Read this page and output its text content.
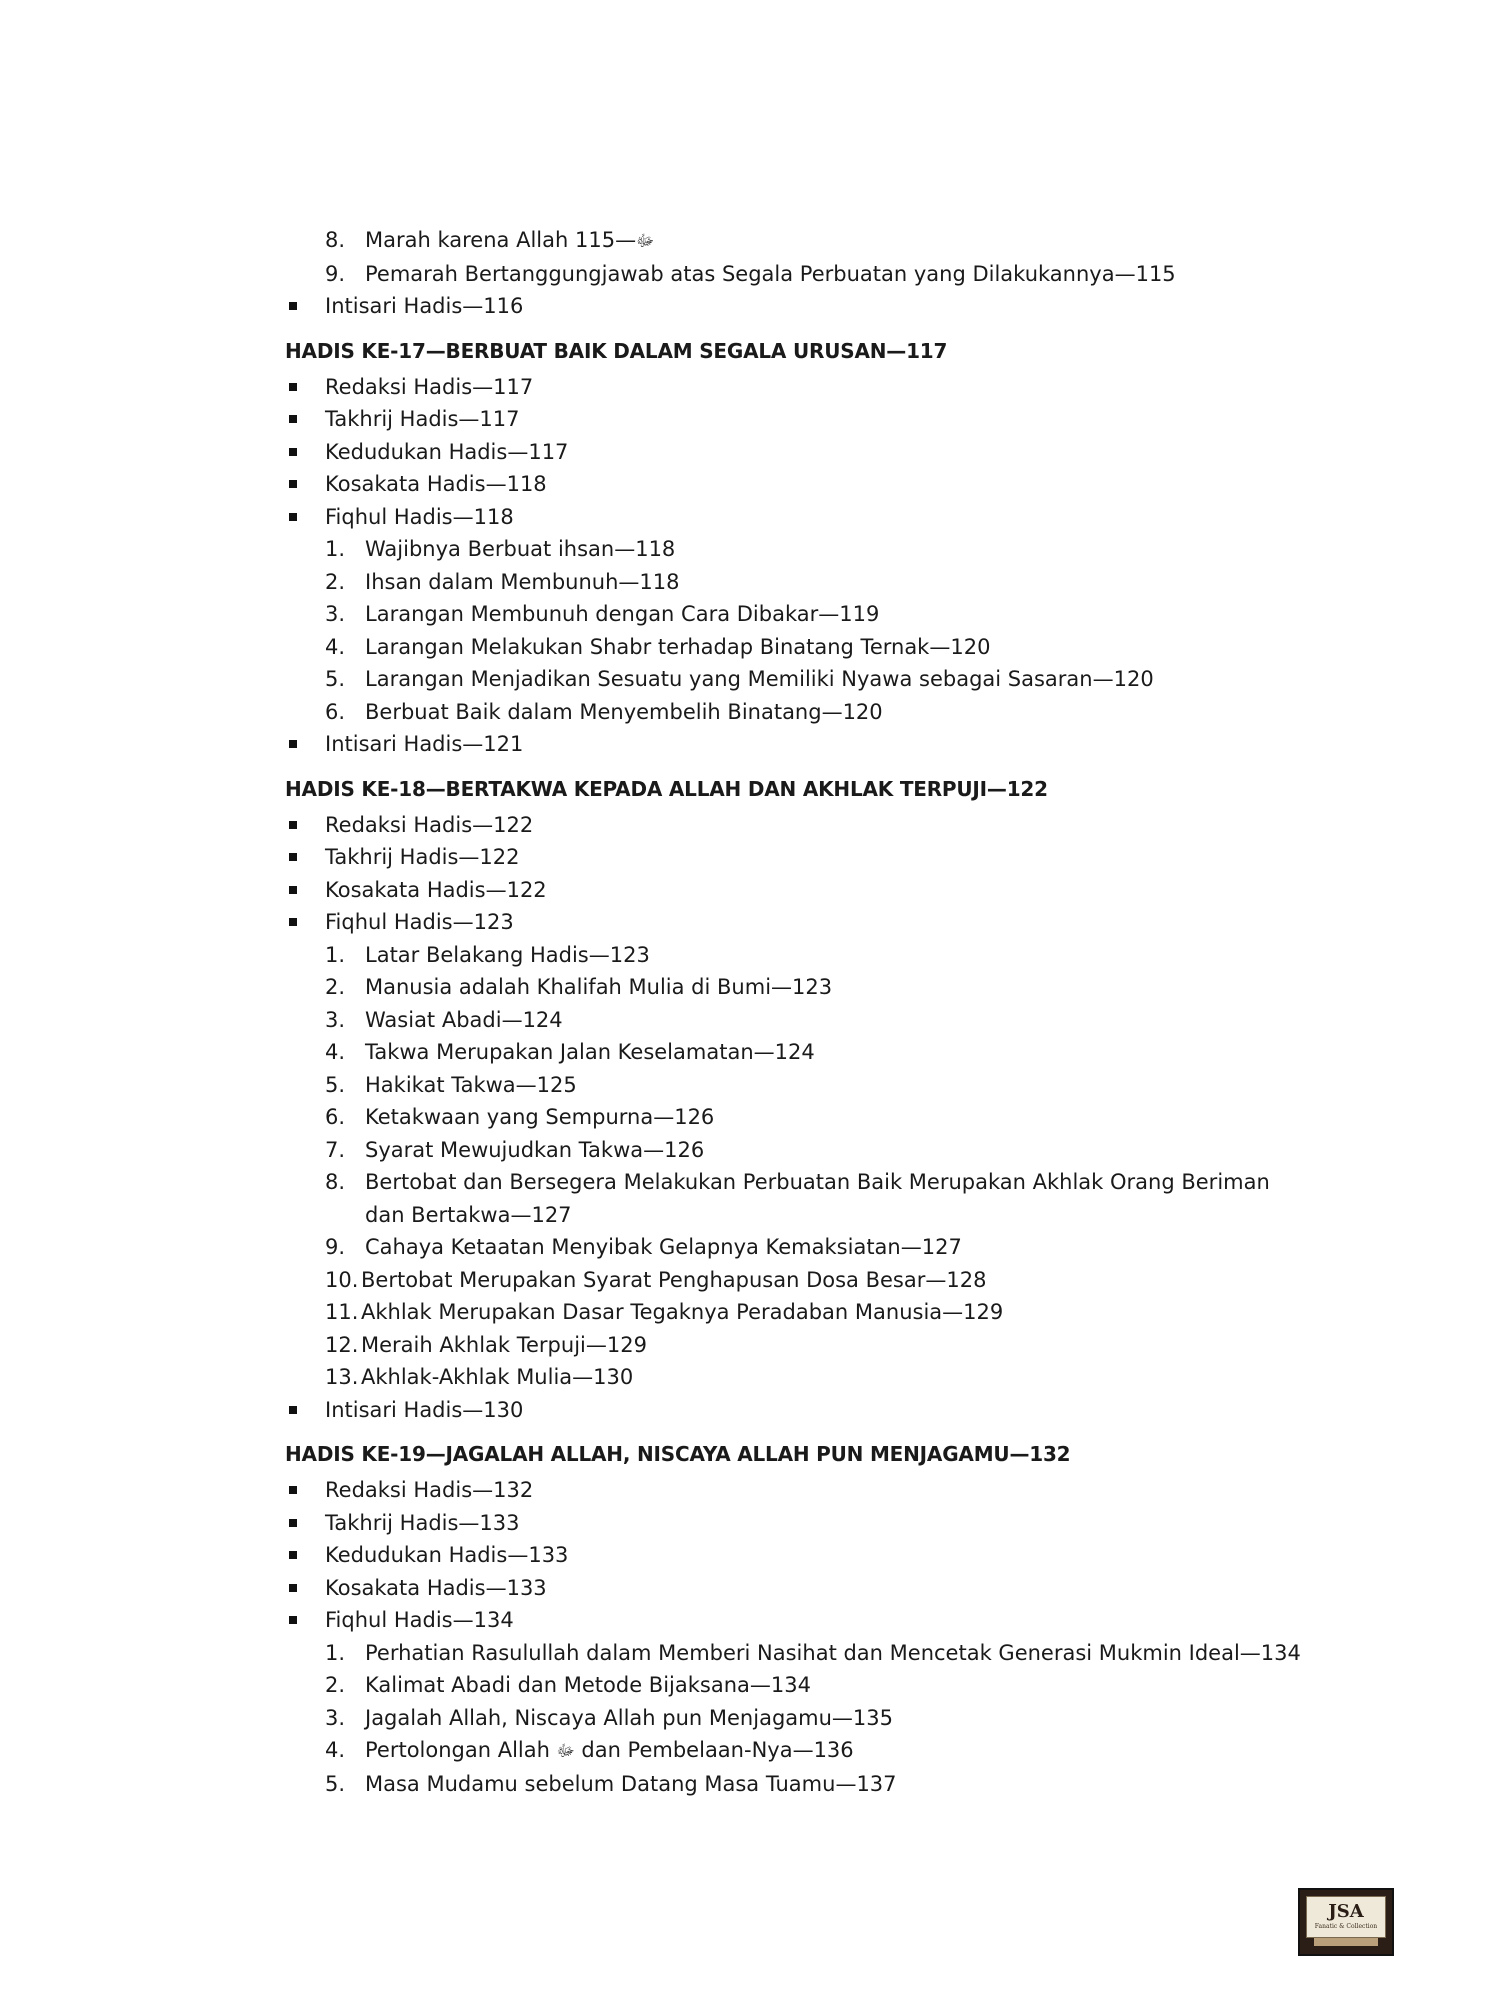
8. Marah karena Allah	ﷻ—115
9. Pemarah Bertanggungjawab atas Segala Perbuatan yang Dilakukannya—115
Intisari Hadis—116
HADIS KE-17—BERBUAT BAIK DALAM SEGALA URUSAN—117
Redaksi Hadis—117
Takhrij Hadis—117
Kedudukan Hadis—117
Kosakata Hadis—118
Fiqhul Hadis—118
1. Wajibnya Berbuat ihsan—118
2. Ihsan dalam Membunuh—118
3. Larangan Membunuh dengan Cara Dibakar—119
4. Larangan Melakukan Shabr terhadap Binatang Ternak—120
5. Larangan Menjadikan Sesuatu yang Memiliki Nyawa sebagai Sasaran—120
6. Berbuat Baik dalam Menyembelih Binatang—120
Intisari Hadis—121
HADIS KE-18—BERTAKWA KEPADA ALLAH DAN AKHLAK TERPUJI—122
Redaksi Hadis—122
Takhrij Hadis—122
Kosakata Hadis—122
Fiqhul Hadis—123
1. Latar Belakang Hadis—123
2. Manusia adalah Khalifah Mulia di Bumi—123
3. Wasiat Abadi—124
4. Takwa Merupakan Jalan Keselamatan—124
5. Hakikat Takwa—125
6. Ketakwaan yang Sempurna—126
7. Syarat Mewujudkan Takwa—126
8. Bertobat dan Bersegera Melakukan Perbuatan Baik Merupakan Akhlak Orang Beriman dan Bertakwa—127
9. Cahaya Ketaatan Menyibak Gelapnya Kemaksiatan—127
10. Bertobat Merupakan Syarat Penghapusan Dosa Besar—128
11. Akhlak Merupakan Dasar Tegaknya Peradaban Manusia—129
12. Meraih Akhlak Terpuji—129
13. Akhlak-Akhlak Mulia—130
Intisari Hadis—130
HADIS KE-19—JAGALAH ALLAH, NISCAYA ALLAH PUN MENJAGAMU—132
Redaksi Hadis—132
Takhrij Hadis—133
Kedudukan Hadis—133
Kosakata Hadis—133
Fiqhul Hadis—134
1. Perhatian Rasulullah dalam Memberi Nasihat dan Mencetak Generasi Mukmin Ideal—134
2. Kalimat Abadi dan Metode Bijaksana—134
3. Jagalah Allah, Niscaya Allah pun Menjagamu—135
4. Pertolongan Allah ﷻ dan Pembelaan-Nya—136
5. Masa Mudamu sebelum Datang Masa Tuamu—137
JSA
Fanatic & Collection
